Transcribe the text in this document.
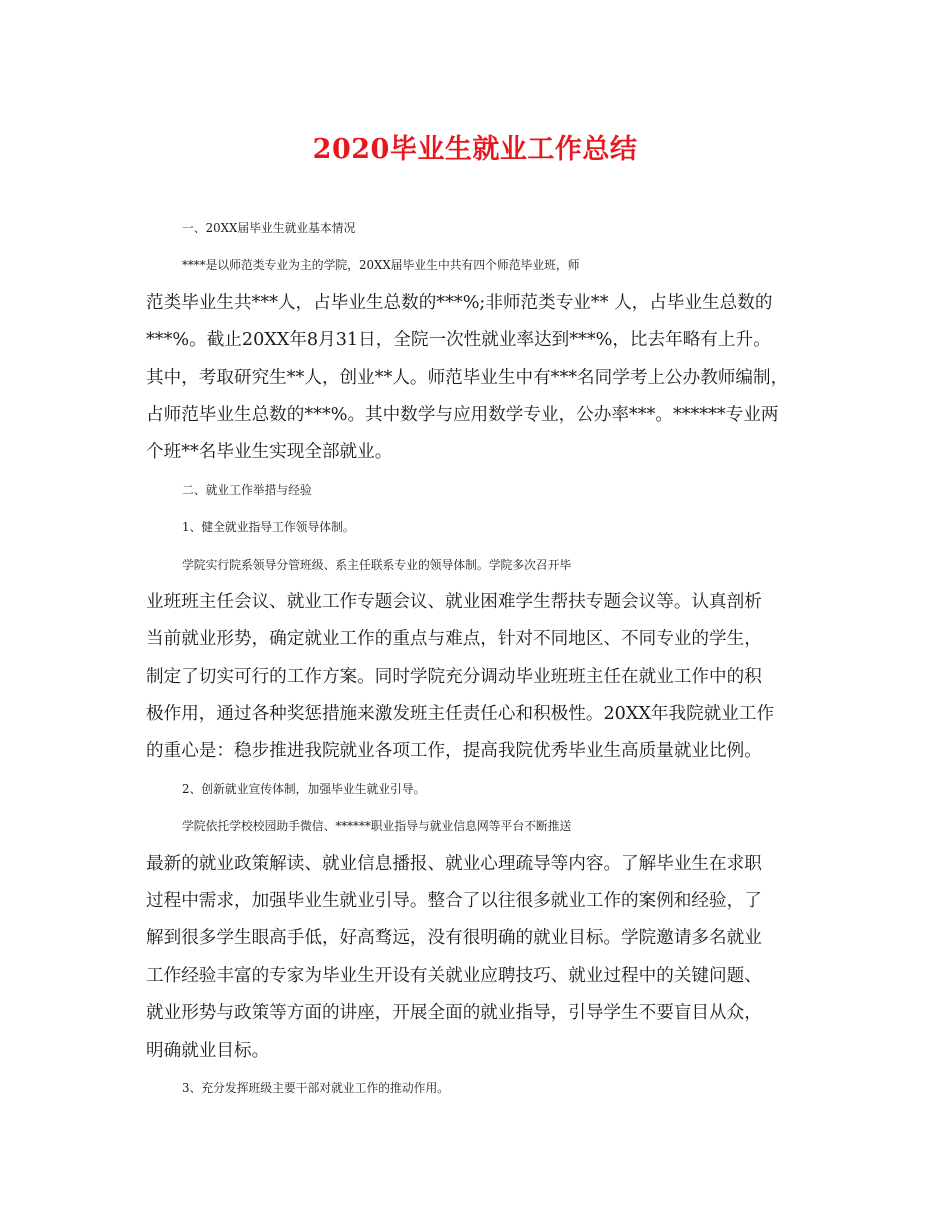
2020毕业生就业工作总结
一、20XX届毕业生就业基本情况
****是以师范类专业为主的学院，20XX届毕业生中共有四个师范毕业班，师
范类毕业生共***人，占毕业生总数的***%;非师范类专业** 人，占毕业生总数的
***%。截止20XX年8月31日，全院一次性就业率达到***%，比去年略有上升。
其中，考取研究生**人，创业**人。师范毕业生中有***名同学考上公办教师编制，
占师范毕业生总数的***%。其中数学与应用数学专业，公办率***。******专业两
个班**名毕业生实现全部就业。
二、就业工作举措与经验
1、健全就业指导工作领导体制。
学院实行院系领导分管班级、系主任联系专业的领导体制。学院多次召开毕
业班班主任会议、就业工作专题会议、就业困难学生帮扶专题会议等。认真剖析
当前就业形势，确定就业工作的重点与难点，针对不同地区、不同专业的学生，
制定了切实可行的工作方案。同时学院充分调动毕业班班主任在就业工作中的积
极作用，通过各种奖惩措施来激发班主任责任心和积极性。20XX年我院就业工作
的重心是：稳步推进我院就业各项工作，提高我院优秀毕业生高质量就业比例。
2、创新就业宣传体制，加强毕业生就业引导。
学院依托学校校园助手微信、******职业指导与就业信息网等平台不断推送
最新的就业政策解读、就业信息播报、就业心理疏导等内容。了解毕业生在求职
过程中需求，加强毕业生就业引导。整合了以往很多就业工作的案例和经验，了
解到很多学生眼高手低，好高骛远，没有很明确的就业目标。学院邀请多名就业
工作经验丰富的专家为毕业生开设有关就业应聘技巧、就业过程中的关键问题、
就业形势与政策等方面的讲座，开展全面的就业指导，引导学生不要盲目从众，
明确就业目标。
3、充分发挥班级主要干部对就业工作的推动作用。
